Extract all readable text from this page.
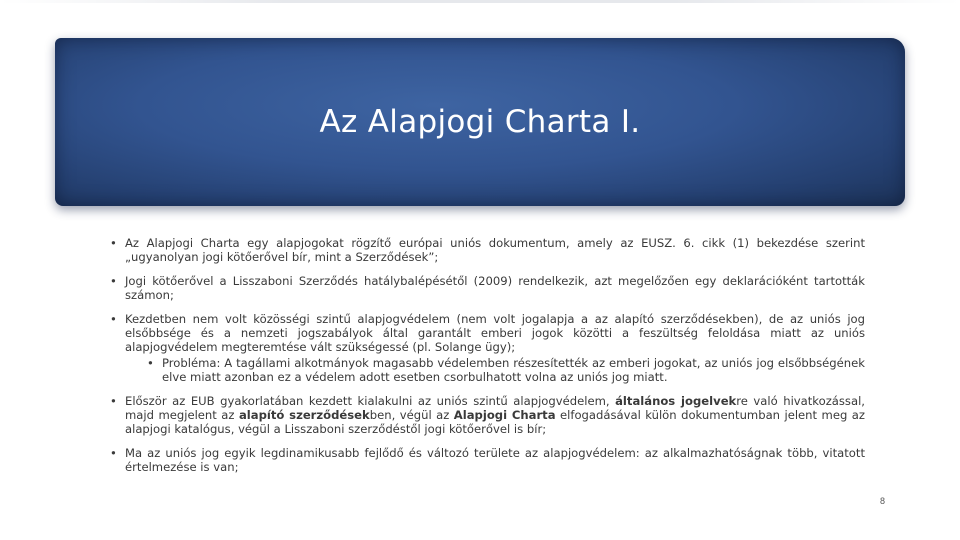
Az Alapjogi Charta I.

• Az Alapjogi Charta egy alapjogokat rögzítő európai uniós dokumentum, amely az EUSZ. 6. cikk (1) bekezdése szerint „ugyanolyan jogi kötőerővel bír, mint a Szerződések”;

• Jogi kötőerővel a Lisszaboni Szerződés hatálybalépésétől (2009) rendelkezik, azt megelőzően egy deklarációként tartották számon;

• Kezdetben nem volt közösségi szintű alapjogvédelem (nem volt jogalapja a az alapító szerződésekben), de az uniós jog elsőbbsége és a nemzeti jogszabályok által garantált emberi jogok közötti a feszültség feloldása miatt az uniós alapjogvédelem megteremtése vált szükségessé (pl. Solange ügy);

• Probléma: A tagállami alkotmányok magasabb védelemben részesítették az emberi jogokat, az uniós jog elsőbbségének elve miatt azonban ez a védelem adott esetben csorbulhatott volna az uniós jog miatt.

• Először az EUB gyakorlatában kezdett kialakulni az uniós szintű alapjogvédelem, általános jogelvekre való hivatkozással, majd megjelent az alapító szerződésekben, végül az Alapjogi Charta elfogadásával külön dokumentumban jelent meg az alapjogi katalógus, végül a Lisszaboni szerződéstől jogi kötőerővel is bír;

• Ma az uniós jog egyik legdinamikusabb fejlődő és változó területe az alapjogvédelem: az alkalmazhatóságnak több, vitatott értelmezése is van;

8
